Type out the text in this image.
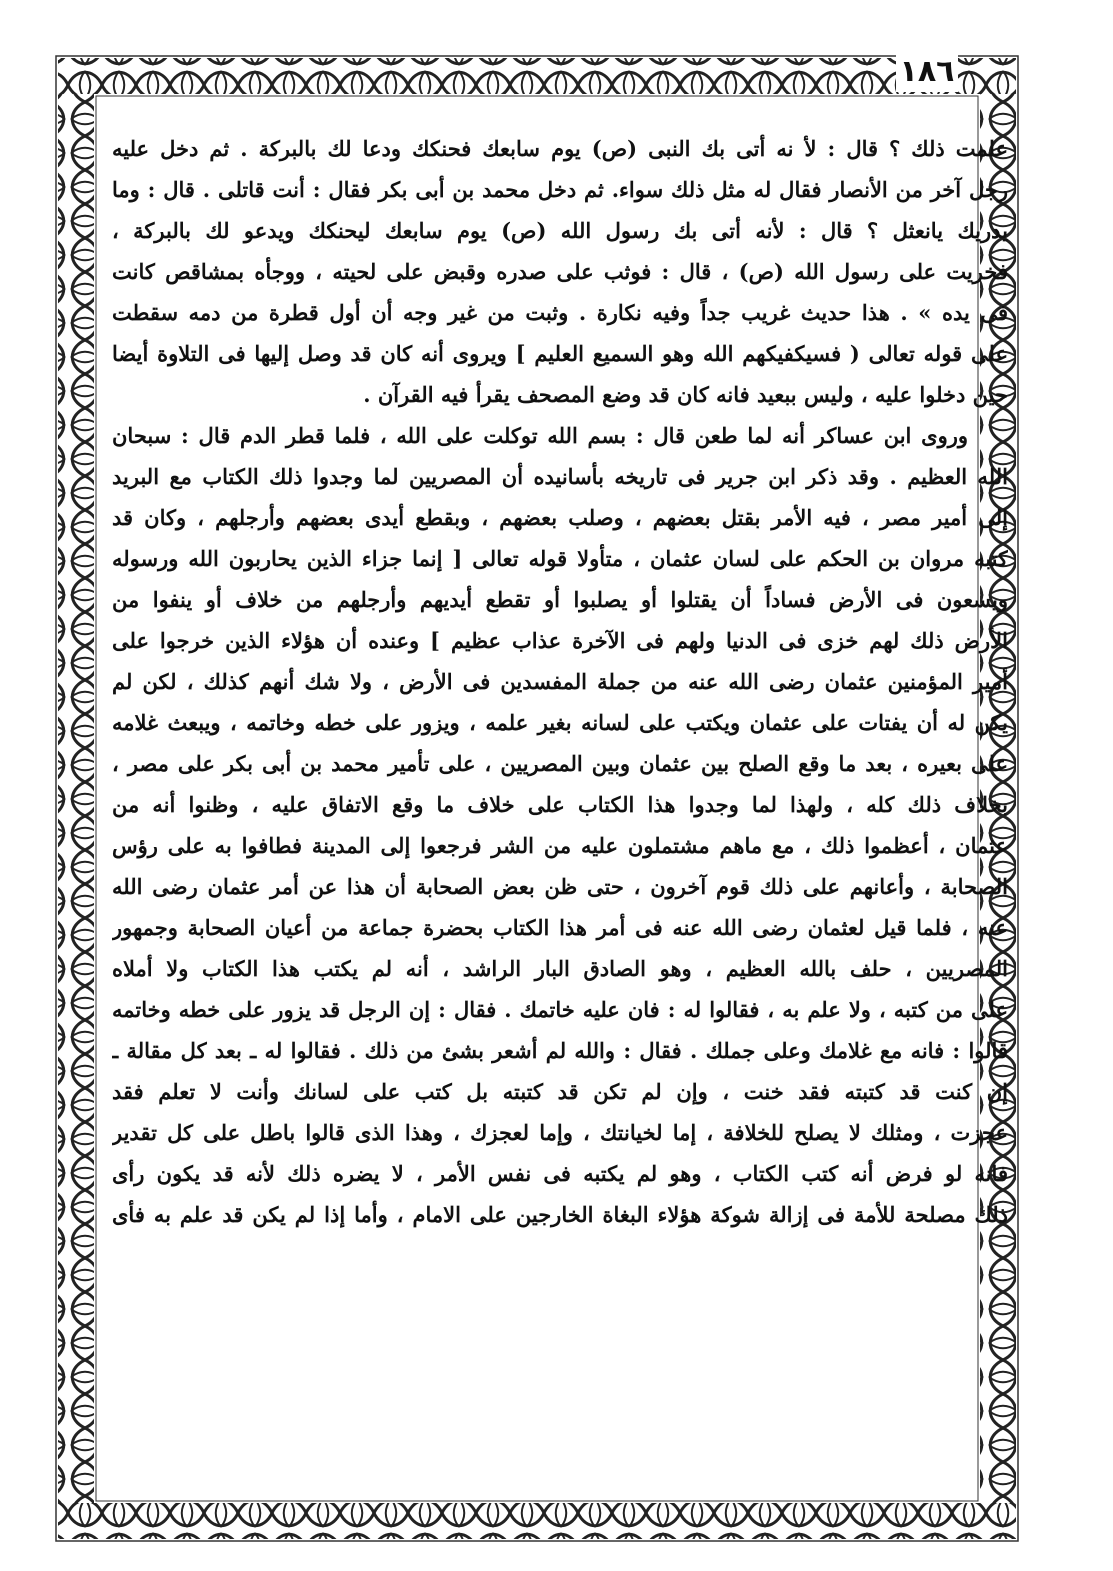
١٨٦
علمت ذلك ؟ قال : لأ نه أتى بك النبى (ص) يوم سابعك فحنكك ودعا لك بالبركة . ثم دخل عليه
رجل آخر من الأنصار فقال له مثل ذلك سواء. ثم دخل محمد بن أبى بكر فقال : أنت قاتلى . قال : وما
يدريك يانعثل ؟ قال : لأنه أتى بك رسول الله (ص) يوم سابعك ليحنكك ويدعو لك بالبركة ،
فخريت على رسول الله (ص) ، قال : فوثب على صدره وقبض على لحيته ، ووجأه بمشاقص كانت
فى يده » . هذا حديث غريب جداً وفيه نكارة . وثبت من غير وجه أن أول قطرة من دمه سقطت
على قوله تعالى ( فسيكفيكهم الله وهو السميع العليم ] ويروى أنه كان قد وصل إليها فى التلاوة أيضا
حين دخلوا عليه ، وليس ببعيد فانه كان قد وضع المصحف يقرأ فيه القرآن .
وروى ابن عساكر أنه لما طعن قال : بسم الله توكلت على الله ، فلما قطر الدم قال : سبحان
الله العظيم . وقد ذكر ابن جرير فى تاريخه بأسانيده أن المصريين لما وجدوا ذلك الكتاب مع البريد
إلى أمير مصر ، فيه الأمر بقتل بعضهم ، وصلب بعضهم ، وبقطع أيدى بعضهم وأرجلهم ، وكان قد
كتبه مروان بن الحكم على لسان عثمان ، متأولا قوله تعالى [ إنما جزاء الذين يحاربون الله ورسوله
ويسعون فى الأرض فساداً أن يقتلوا أو يصلبوا أو تقطع أيديهم وأرجلهم من خلاف أو ينفوا من
الأرض ذلك لهم خزى فى الدنيا ولهم فى الآخرة عذاب عظيم ] وعنده أن هؤلاء الذين خرجوا على
أمير المؤمنين عثمان رضى الله عنه من جملة المفسدين فى الأرض ، ولا شك أنهم كذلك ، لكن لم
يكن له أن يفتات على عثمان ويكتب على لسانه بغير علمه ، ويزور على خطه وخاتمه ، ويبعث غلامه
على بعيره ، بعد ما وقع الصلح بين عثمان وبين المصريين ، على تأمير محمد بن أبى بكر على مصر ،
بخلاف ذلك كله ، ولهذا لما وجدوا هذا الكتاب على خلاف ما وقع الاتفاق عليه ، وظنوا أنه من
عثمان ، أعظموا ذلك ، مع ماهم مشتملون عليه من الشر فرجعوا إلى المدينة فطافوا به على رؤس
الصحابة ، وأعانهم على ذلك قوم آخرون ، حتى ظن بعض الصحابة أن هذا عن أمر عثمان رضى الله
عنه ، فلما قيل لعثمان رضى الله عنه فى أمر هذا الكتاب بحضرة جماعة من أعيان الصحابة وجمهور
المصريين ، حلف بالله العظيم ، وهو الصادق البار الراشد ، أنه لم يكتب هذا الكتاب ولا أملاه
على من كتبه ، ولا علم به ، فقالوا له : فان عليه خاتمك . فقال : إن الرجل قد يزور على خطه وخاتمه
قالوا : فانه مع غلامك وعلى جملك . فقال : والله لم أشعر بشئ من ذلك . فقالوا له ـ بعد كل مقالة ـ
إن كنت قد كتبته فقد خنت ، وإن لم تكن قد كتبته بل كتب على لسانك وأنت لا تعلم فقد
عجزت ، ومثلك لا يصلح للخلافة ، إما لخيانتك ، وإما لعجزك ، وهذا الذى قالوا باطل على كل تقدير
فانه لو فرض أنه كتب الكتاب ، وهو لم يكتبه فى نفس الأمر ، لا يضره ذلك لأنه قد يكون رأى
ذلك مصلحة للأمة فى إزالة شوكة هؤلاء البغاة الخارجين على الامام ، وأما إذا لم يكن قد علم به فأى
